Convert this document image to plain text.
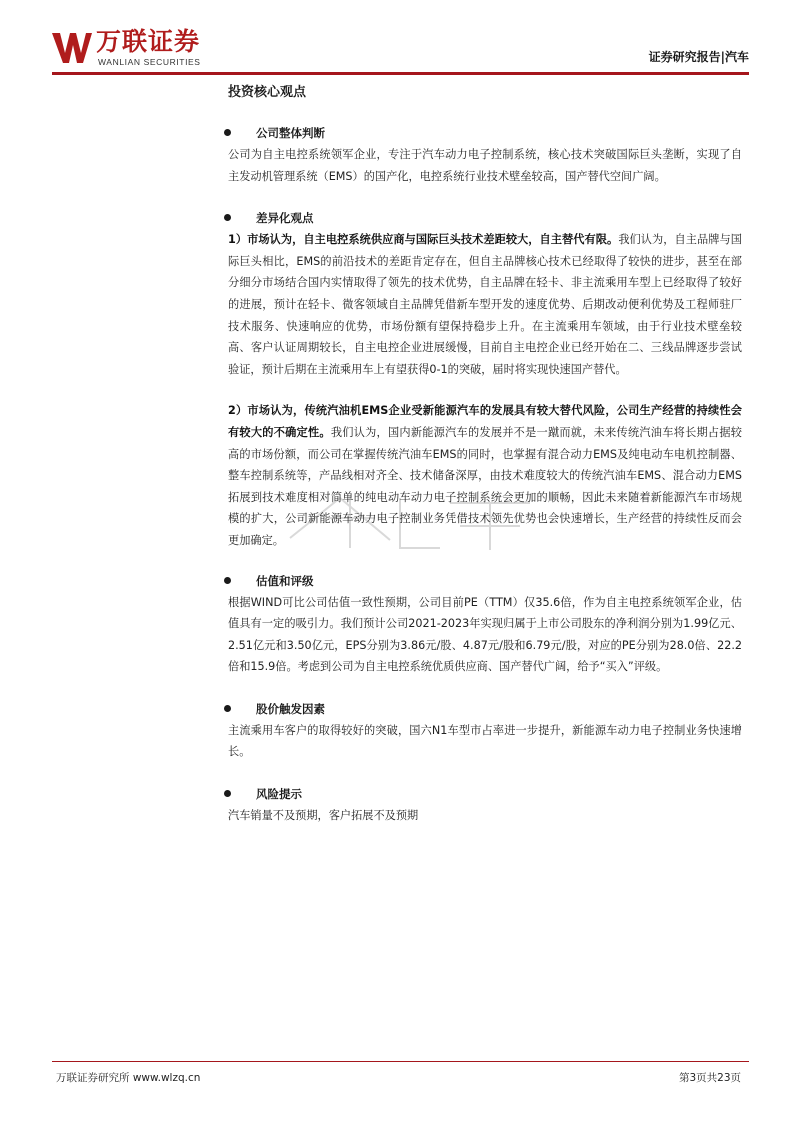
万联证券
WANLIAN SECURITIES	证券研究报告|汽车
投资核心观点
公司整体判断

公司为自主电控系统领军企业，专注于汽车动力电子控制系统，核心技术突破国际巨头垄断，实现了自主发动机管理系统（EMS）的国产化，电控系统行业技术壁垒较高，国产替代空间广阔。

差异化观点

1）市场认为，自主电控系统供应商与国际巨头技术差距较大，自主替代有限。我们认为，自主品牌与国际巨头相比，EMS的前沿技术的差距肯定存在，但自主品牌核心技术已经取得了较快的进步，甚至在部分细分市场结合国内实情取得了领先的技术优势，自主品牌在轻卡、非主流乘用车型上已经取得了较好的进展，预计在轻卡、微客领域自主品牌凭借新车型开发的速度优势、后期改动便利优势及工程师驻厂技术服务、快速响应的优势，市场份额有望保持稳步上升。在主流乘用车领域，由于行业技术壁垒较高、客户认证周期较长，自主电控企业进展缓慢，目前自主电控企业已经开始在二、三线品牌逐步尝试验证，预计后期在主流乘用车上有望获得0-1的突破，届时将实现快速国产替代。

2）市场认为，传统汽油机EMS企业受新能源汽车的发展具有较大替代风险，公司生产经营的持续性会有较大的不确定性。我们认为，国内新能源汽车的发展并不是一蹴而就，未来传统汽油车将长期占据较高的市场份额，而公司在掌握传统汽油车EMS的同时，也掌握有混合动力EMS及纯电动车电机控制器、整车控制系统等，产品线相对齐全、技术储备深厚，由技术难度较大的传统汽油车EMS、混合动力EMS拓展到技术难度相对简单的纯电动车动力电子控制系统会更加的顺畅，因此未来随着新能源汽车市场规模的扩大，公司新能源车动力电子控制业务凭借技术领先优势也会快速增长，生产经营的持续性反而会更加确定。

估值和评级

根据WIND可比公司估值一致性预期，公司目前PE（TTM）仅35.6倍，作为自主电控系统领军企业，估值具有一定的吸引力。我们预计公司2021-2023年实现归属于上市公司股东的净利润分别为1.99亿元、2.51亿元和3.50亿元，EPS分别为3.86元/股、4.87元/股和6.79元/股，对应的PE分别为28.0倍、22.2倍和15.9倍。考虑到公司为自主电控系统优质供应商、国产替代广阔，给予“买入”评级。

股价触发因素

主流乘用车客户的取得较好的突破，国六N1车型市占率进一步提升，新能源车动力电子控制业务快速增长。

风险提示

汽车销量不及预期，客户拓展不及预期

万联证券研究所 www.wlzq.cn	第3页共23页
